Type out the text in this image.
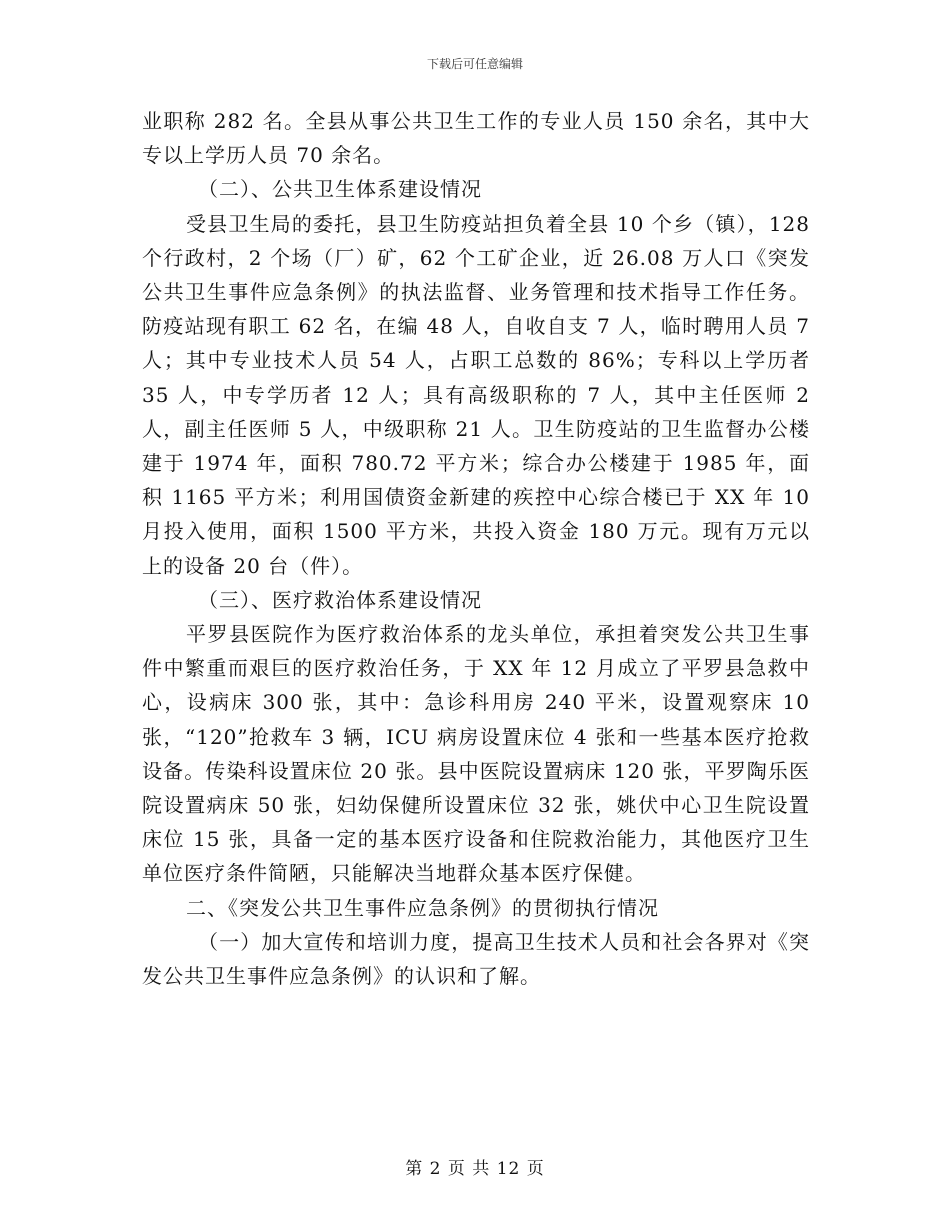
下载后可任意编辑

业职称 282 名。全县从事公共卫生工作的专业人员 150 余名，其中大专以上学历人员 70 余名。

（二）、公共卫生体系建设情况

受县卫生局的委托，县卫生防疫站担负着全县 10 个乡（镇），128 个行政村，2 个场（厂）矿，62 个工矿企业，近 26.08 万人口《突发公共卫生事件应急条例》的执法监督、业务管理和技术指导工作任务。防疫站现有职工 62 名，在编 48 人，自收自支 7 人，临时聘用人员 7 人；其中专业技术人员 54 人，占职工总数的 86%；专科以上学历者 35 人，中专学历者 12 人；具有高级职称的 7 人，其中主任医师 2 人，副主任医师 5 人，中级职称 21 人。卫生防疫站的卫生监督办公楼建于 1974 年，面积 780.72 平方米；综合办公楼建于 1985 年，面积 1165 平方米；利用国债资金新建的疾控中心综合楼已于 XX 年 10 月投入使用，面积 1500 平方米，共投入资金 180 万元。现有万元以上的设备 20 台（件）。

（三）、医疗救治体系建设情况

平罗县医院作为医疗救治体系的龙头单位，承担着突发公共卫生事件中繁重而艰巨的医疗救治任务，于 XX 年 12 月成立了平罗县急救中心，设病床 300 张，其中：急诊科用房 240 平米，设置观察床 10 张，“120”抢救车 3 辆，ICU 病房设置床位 4 张和一些基本医疗抢救设备。传染科设置床位 20 张。县中医院设置病床 120 张，平罗陶乐医院设置病床 50 张，妇幼保健所设置床位 32 张，姚伏中心卫生院设置床位 15 张，具备一定的基本医疗设备和住院救治能力，其他医疗卫生单位医疗条件简陋，只能解决当地群众基本医疗保健。

二、《突发公共卫生事件应急条例》的贯彻执行情况

（一）加大宣传和培训力度，提高卫生技术人员和社会各界对《突发公共卫生事件应急条例》的认识和了解。

第 2 页 共 12 页
